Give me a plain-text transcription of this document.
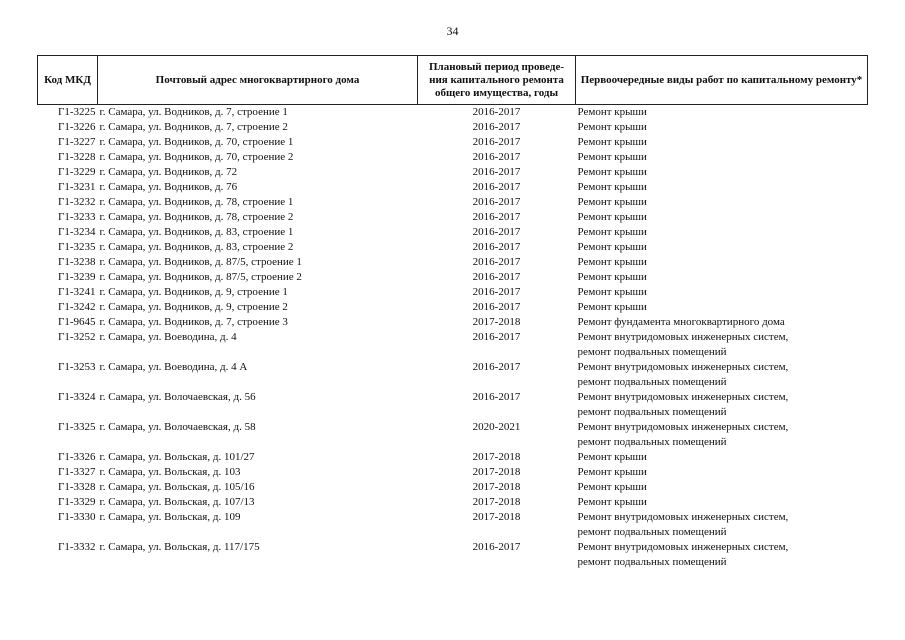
34
Код МКД	Почтовый адрес многоквартирного дома	Плановый период проведе-ния капитального ремонта общего имущества, годы	Первоочередные виды работ по капитальному ремонту*
Г1-3225	г. Самара, ул. Водников, д. 7, строение 1	2016-2017	Ремонт крыши

Г1-3226	г. Самара, ул. Водников, д. 7, строение 2	2016-2017	Ремонт крыши

Г1-3227	г. Самара, ул. Водников, д. 70, строение 1	2016-2017	Ремонт крыши

Г1-3228	г. Самара, ул. Водников, д. 70, строение 2	2016-2017	Ремонт крыши

Г1-3229	г. Самара, ул. Водников, д. 72	2016-2017	Ремонт крыши

Г1-3231	г. Самара, ул. Водников, д. 76	2016-2017	Ремонт крыши

Г1-3232	г. Самара, ул. Водников, д. 78, строение 1	2016-2017	Ремонт крыши

Г1-3233	г. Самара, ул. Водников, д. 78, строение 2	2016-2017	Ремонт крыши

Г1-3234	г. Самара, ул. Водников, д. 83, строение 1	2016-2017	Ремонт крыши

Г1-3235	г. Самара, ул. Водников, д. 83, строение 2	2016-2017	Ремонт крыши

Г1-3238	г. Самара, ул. Водников, д. 87/5, строение 1	2016-2017	Ремонт крыши

Г1-3239	г. Самара, ул. Водников, д. 87/5, строение 2	2016-2017	Ремонт крыши

Г1-3241	г. Самара, ул. Водников, д. 9, строение 1	2016-2017	Ремонт крыши

Г1-3242	г. Самара, ул. Водников, д. 9, строение 2	2016-2017	Ремонт крыши

Г1-9645	г. Самара, ул. Водников, д. 7, строение 3	2017-2018	Ремонт фундамента многоквартирного дома

Г1-3252	г. Самара, ул. Воеводина, д. 4	2016-2017	Ремонт внутридомовых инженерных систем,
ремонт подвальных помещений

Г1-3253	г. Самара, ул. Воеводина, д. 4 А	2016-2017	Ремонт внутридомовых инженерных систем,
ремонт подвальных помещений

Г1-3324	г. Самара, ул. Волочаевская, д. 56	2016-2017	Ремонт внутридомовых инженерных систем,
ремонт подвальных помещений

Г1-3325	г. Самара, ул. Волочаевская, д. 58	2020-2021	Ремонт внутридомовых инженерных систем,
ремонт подвальных помещений

Г1-3326	г. Самара, ул. Вольская, д. 101/27	2017-2018	Ремонт крыши

Г1-3327	г. Самара, ул. Вольская, д. 103	2017-2018	Ремонт крыши

Г1-3328	г. Самара, ул. Вольская, д. 105/16	2017-2018	Ремонт крыши

Г1-3329	г. Самара, ул. Вольская, д. 107/13	2017-2018	Ремонт крыши

Г1-3330	г. Самара, ул. Вольская, д. 109	2017-2018	Ремонт внутридомовых инженерных систем,
ремонт подвальных помещений

Г1-3332	г. Самара, ул. Вольская, д. 117/175	2016-2017	Ремонт внутридомовых инженерных систем,
ремонт подвальных помещений
